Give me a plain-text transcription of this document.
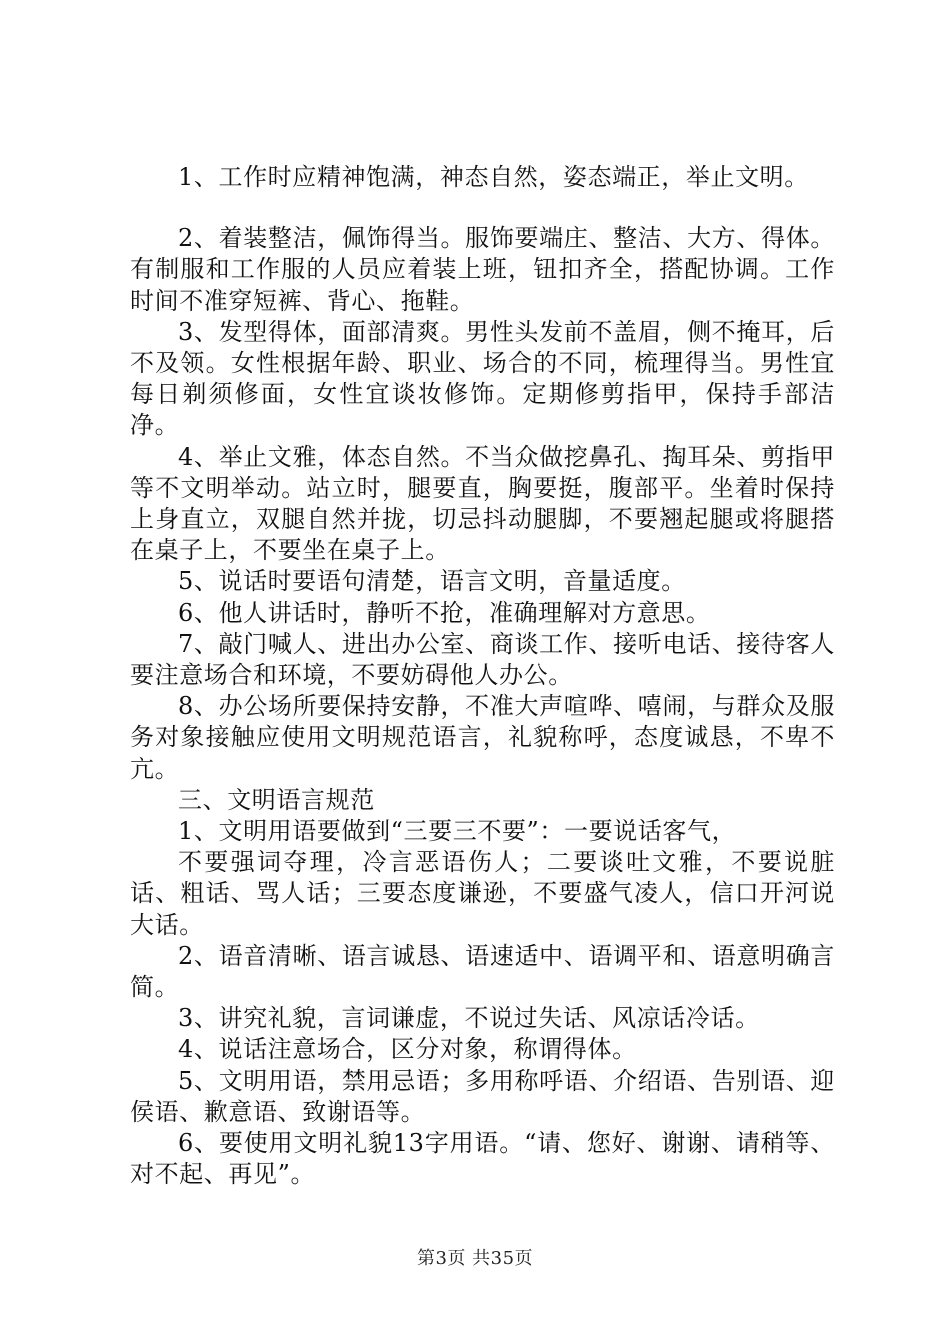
1、工作时应精神饱满，神态自然，姿态端正，举止文明。

2、着装整洁，佩饰得当。服饰要端庄、整洁、大方、得体。有制服和工作服的人员应着装上班，钮扣齐全，搭配协调。工作时间不准穿短裤、背心、拖鞋。

3、发型得体，面部清爽。男性头发前不盖眉，侧不掩耳，后不及领。女性根据年龄、职业、场合的不同，梳理得当。男性宜每日剃须修面，女性宜谈妆修饰。定期修剪指甲，保持手部洁净。

4、举止文雅，体态自然。不当众做挖鼻孔、掏耳朵、剪指甲等不文明举动。站立时，腿要直，胸要挺，腹部平。坐着时保持上身直立，双腿自然并拢，切忌抖动腿脚，不要翘起腿或将腿搭在桌子上，不要坐在桌子上。

5、说话时要语句清楚，语言文明，音量适度。

6、他人讲话时，静听不抢，准确理解对方意思。

7、敲门喊人、进出办公室、商谈工作、接听电话、接待客人要注意场合和环境，不要妨碍他人办公。

8、办公场所要保持安静，不准大声喧哗、嘻闹，与群众及服务对象接触应使用文明规范语言，礼貌称呼，态度诚恳，不卑不亢。

三、文明语言规范

1、文明用语要做到“三要三不要”：一要说话客气，

不要强词夺理，冷言恶语伤人；二要谈吐文雅，不要说脏话、粗话、骂人话；三要态度谦逊，不要盛气凌人，信口开河说大话。

2、语音清晰、语言诚恳、语速适中、语调平和、语意明确言简。

3、讲究礼貌，言词谦虚，不说过失话、风凉话冷话。

4、说话注意场合，区分对象，称谓得体。

5、文明用语，禁用忌语；多用称呼语、介绍语、告别语、迎侯语、歉意语、致谢语等。

6、要使用文明礼貌13字用语。“请、您好、谢谢、请稍等、对不起、再见”。

第3页 共35页
